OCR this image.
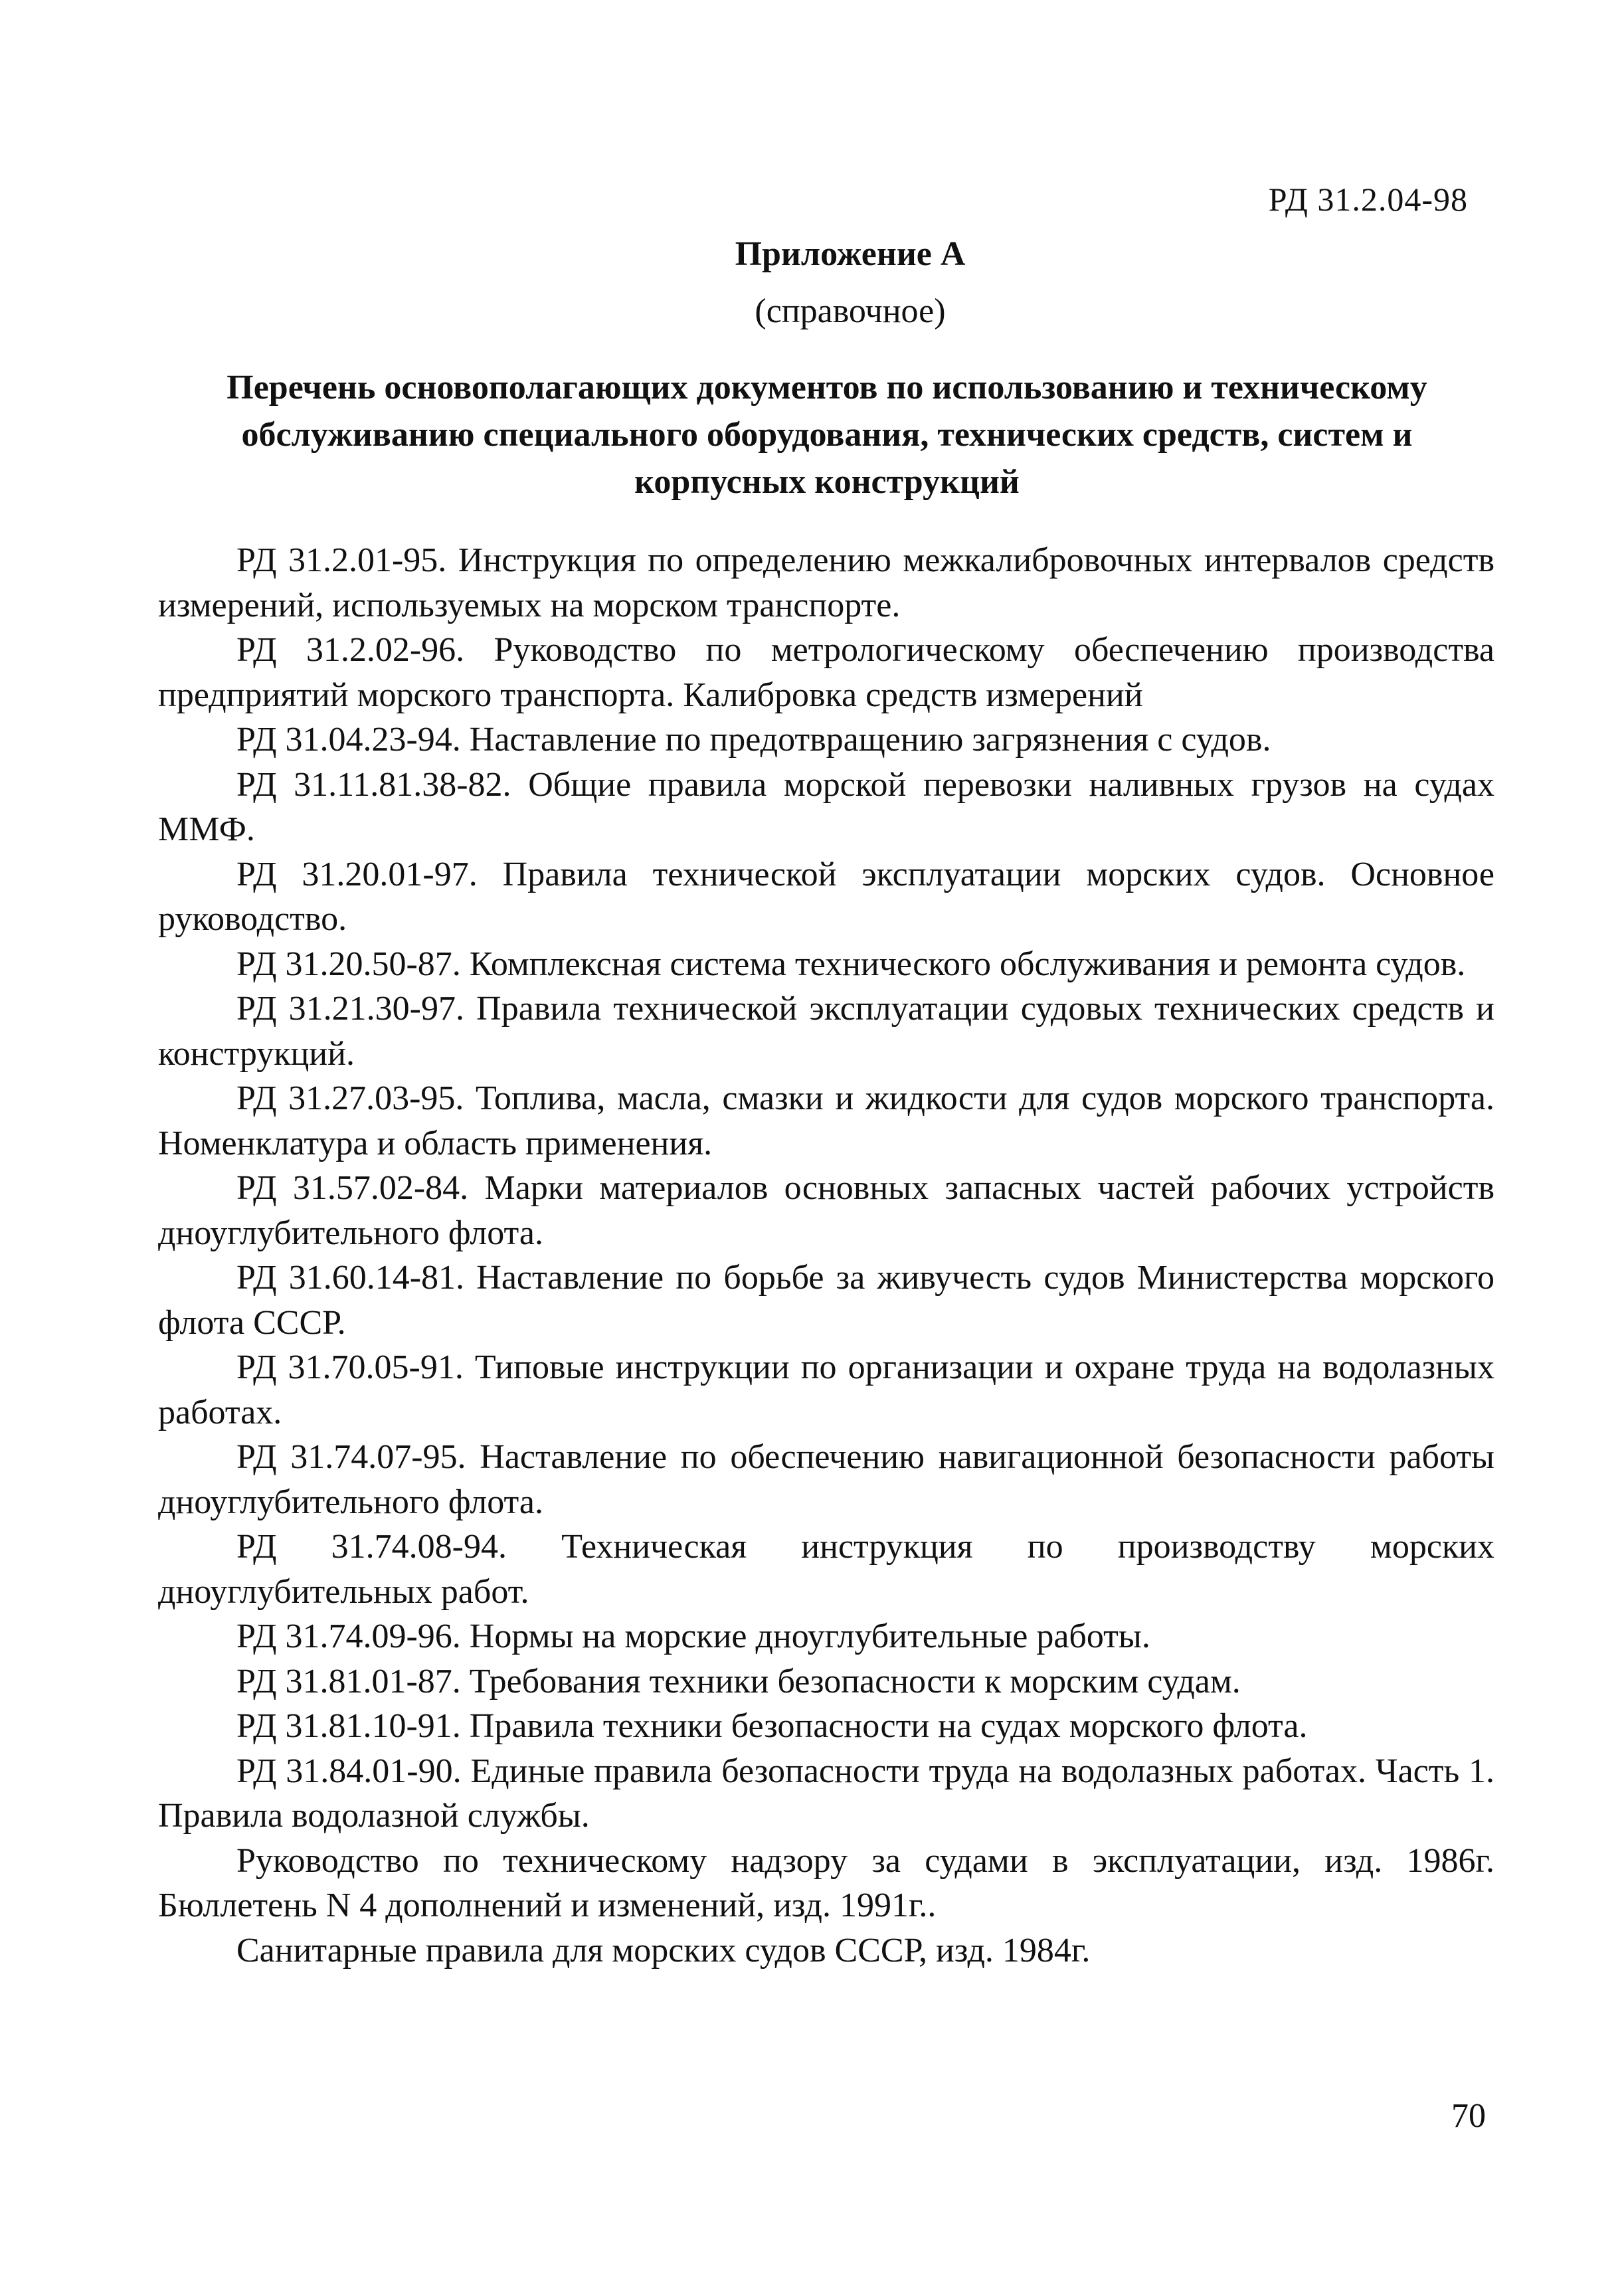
РД 31.2.04-98
Приложение А
(справочное)
Перечень основополагающих документов по использованию и техническому обслуживанию специального оборудования, технических средств, систем и корпусных конструкций

РД 31.2.01-95. Инструкция по определению межкалибровочных интервалов средств измерений, используемых на морском транспорте.

РД 31.2.02-96. Руководство по метрологическому обеспечению производства предприятий морского транспорта. Калибровка средств измерений

РД 31.04.23-94. Наставление по предотвращению загрязнения с судов.

РД 31.11.81.38-82. Общие правила морской перевозки наливных грузов на судах ММФ.

РД 31.20.01-97. Правила технической эксплуатации морских судов. Основное руководство.

РД 31.20.50-87. Комплексная система технического обслуживания и ремонта судов.

РД 31.21.30-97. Правила технической эксплуатации судовых технических средств и конструкций.

РД 31.27.03-95. Топлива, масла, смазки и жидкости для судов морского транспорта. Номенклатура и область применения.

РД 31.57.02-84. Марки материалов основных запасных частей рабочих устройств дноуглубительного флота.

РД 31.60.14-81. Наставление по борьбе за живучесть судов Министерства морского флота СССР.

РД 31.70.05-91. Типовые инструкции по организации и охране труда на водолазных работах.

РД 31.74.07-95. Наставление по обеспечению навигационной безопасности работы дноуглубительного флота.

РД 31.74.08-94. Техническая инструкция по производству морских дноуглубительных работ.

РД 31.74.09-96. Нормы на морские дноуглубительные работы.

РД 31.81.01-87. Требования техники безопасности к морским судам.

РД 31.81.10-91. Правила техники безопасности на судах морского флота.

РД 31.84.01-90. Единые правила безопасности труда на водолазных работах. Часть 1. Правила водолазной службы.

Руководство по техническому надзору за судами в эксплуатации, изд. 1986г. Бюллетень N 4 дополнений и изменений, изд. 1991г..

Санитарные правила для морских судов СССР, изд. 1984г.

70
